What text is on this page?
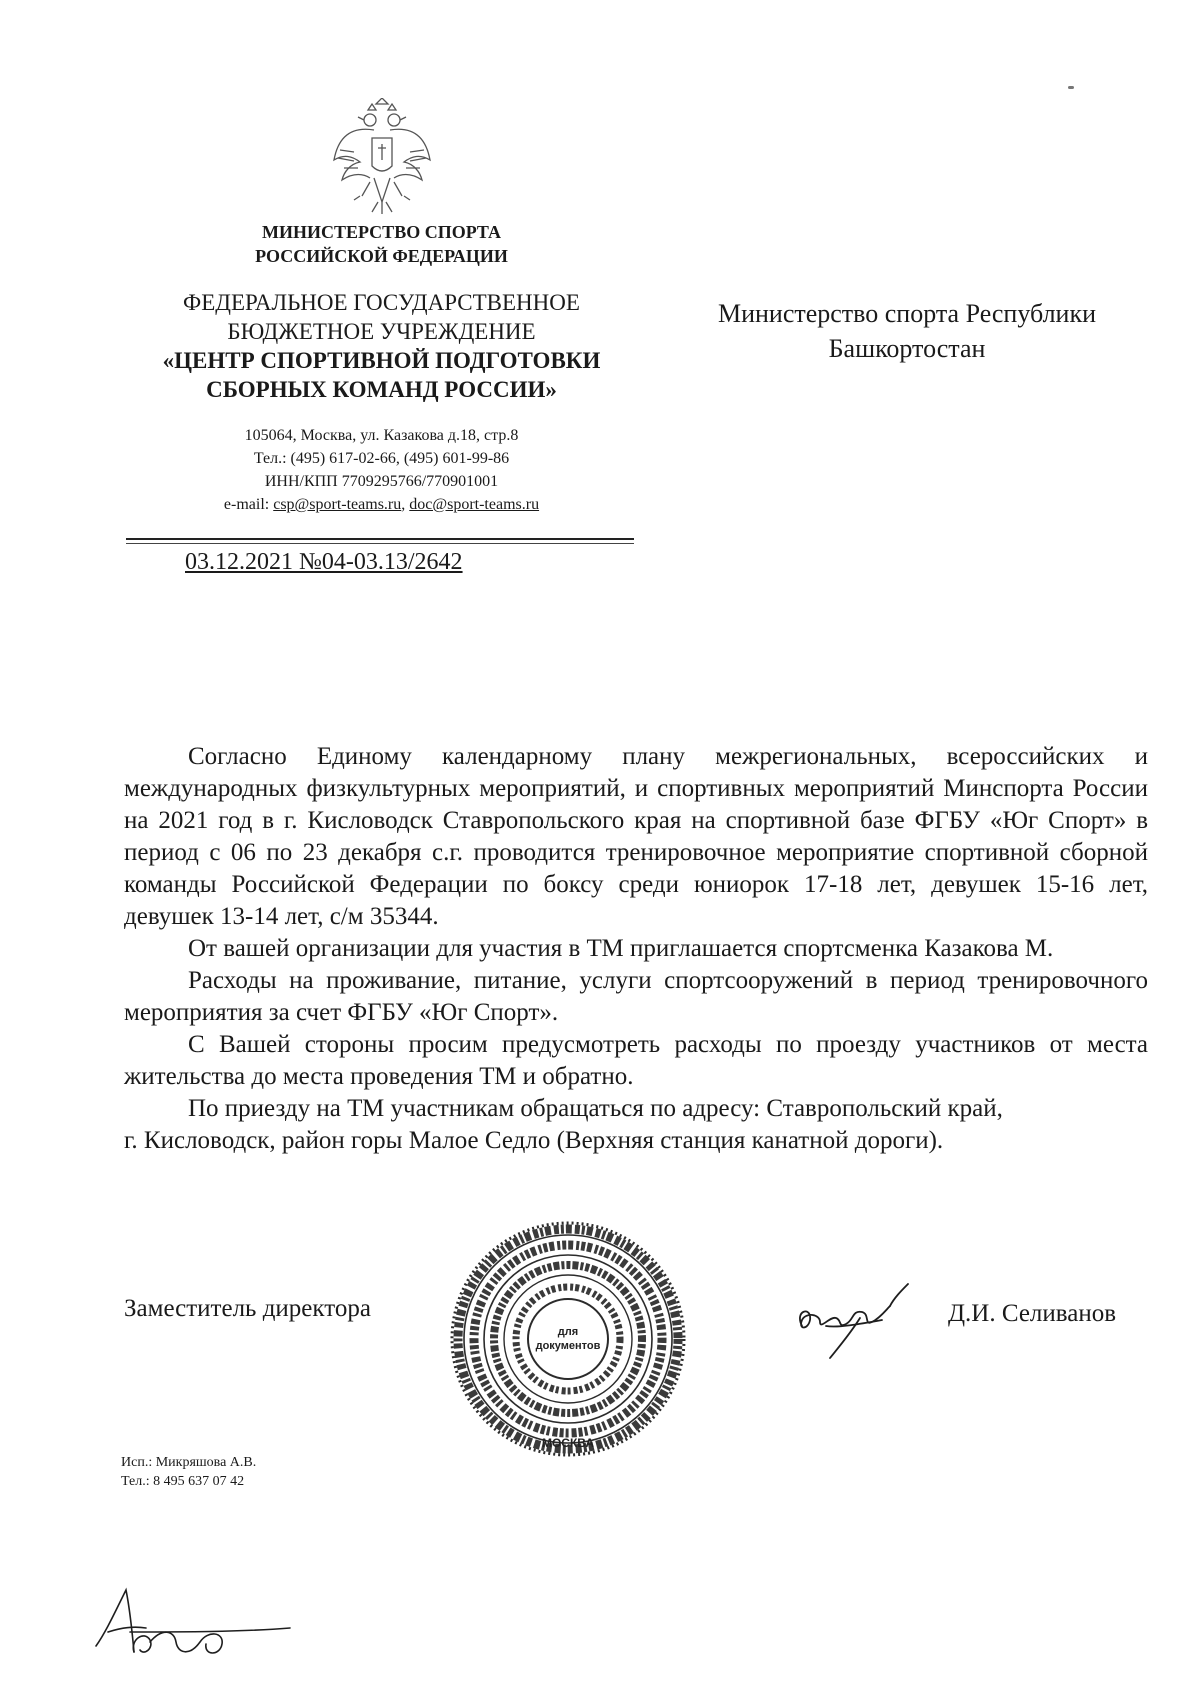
МИНИСТЕРСТВО СПОРТА
РОССИЙСКОЙ ФЕДЕРАЦИИ
ФЕДЕРАЛЬНОЕ ГОСУДАРСТВЕННОЕ
БЮДЖЕТНОЕ УЧРЕЖДЕНИЕ
«ЦЕНТР СПОРТИВНОЙ ПОДГОТОВКИ
СБОРНЫХ КОМАНД РОССИИ»
105064, Москва, ул. Казакова д.18, стр.8
Тел.: (495) 617-02-66, (495) 601-99-86
ИНН/КПП 7709295766/770901001
e-mail: csp@sport-teams.ru, doc@sport-teams.ru
03.12.2021 №04-03.13/2642
Министерство спорта Республики
Башкортостан

Согласно Единому календарному плану межрегиональных, всероссийских и международных физкультурных мероприятий, и спортивных мероприятий Минспорта России на 2021 год в г. Кисловодск Ставропольского края на спортивной базе ФГБУ «Юг Спорт» в период с 06 по 23 декабря с.г. проводится тренировочное мероприятие спортивной сборной команды Российской Федерации по боксу среди юниорок 17-18 лет, девушек 15-16 лет, девушек 13-14 лет, с/м 35344.

От вашей организации для участия в ТМ приглашается спортсменка Казакова М.

Расходы на проживание, питание, услуги спортсооружений в период тренировочного мероприятия за счет ФГБУ «Юг Спорт».

С Вашей стороны просим предусмотреть расходы по проезду участников от места жительства до места проведения ТМ и обратно.

По приезду на ТМ участникам обращаться по адресу: Ставропольский край,

г. Кисловодск, район горы Малое Седло (Верхняя станция канатной дороги).

Заместитель директора
для
документов
МОСКВА
Д.И. Селиванов
Исп.: Микряшова А.В.
Тел.: 8 495 637 07 42
